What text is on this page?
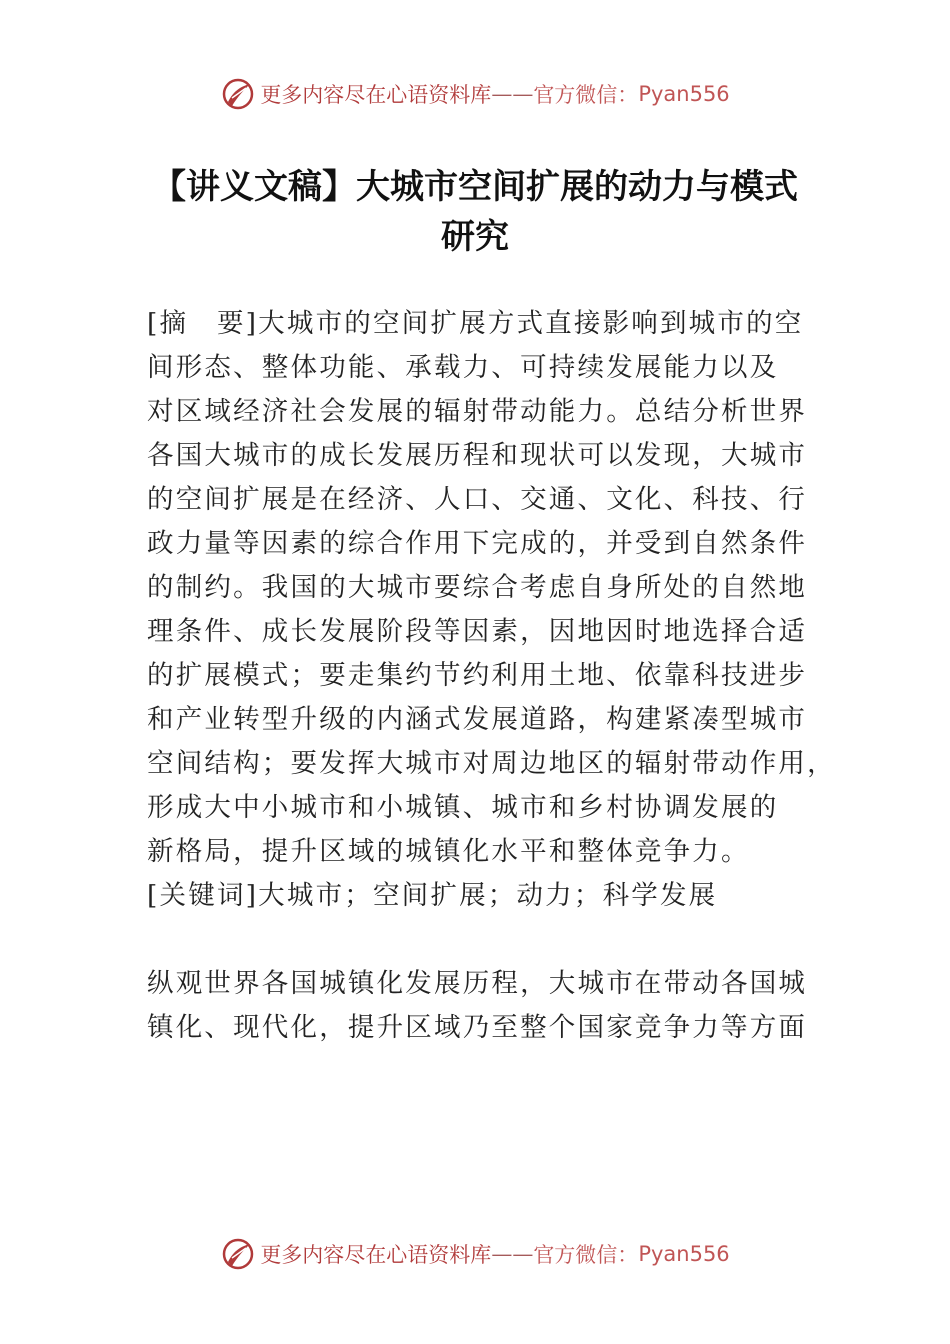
更多内容尽在心语资料库 —— 官方微信： Pyan556
【讲义文稿】大城市空间扩展的动力与模式
研究
[摘　要]大城市的空间扩展方式直接影响到城市的空
间形态、整体功能、承载力、可持续发展能力以及
对区域经济社会发展的辐射带动能力。总结分析世界
各国大城市的成长发展历程和现状可以发现，大城市
的空间扩展是在经济、人口、交通、文化、科技、行
政力量等因素的综合作用下完成的，并受到自然条件
的制约。我国的大城市要综合考虑自身所处的自然地
理条件、成长发展阶段等因素，因地因时地选择合适
的扩展模式；要走集约节约利用土地、依靠科技进步
和产业转型升级的内涵式发展道路，构建紧凑型城市
空间结构；要发挥大城市对周边地区的辐射带动作用，
形成大中小城市和小城镇、城市和乡村协调发展的
新格局，提升区域的城镇化水平和整体竞争力。
[关键词]大城市；空间扩展；动力；科学发展
纵观世界各国城镇化发展历程，大城市在带动各国城
镇化、现代化，提升区域乃至整个国家竞争力等方面
更多内容尽在心语资料库 —— 官方微信： Pyan556
